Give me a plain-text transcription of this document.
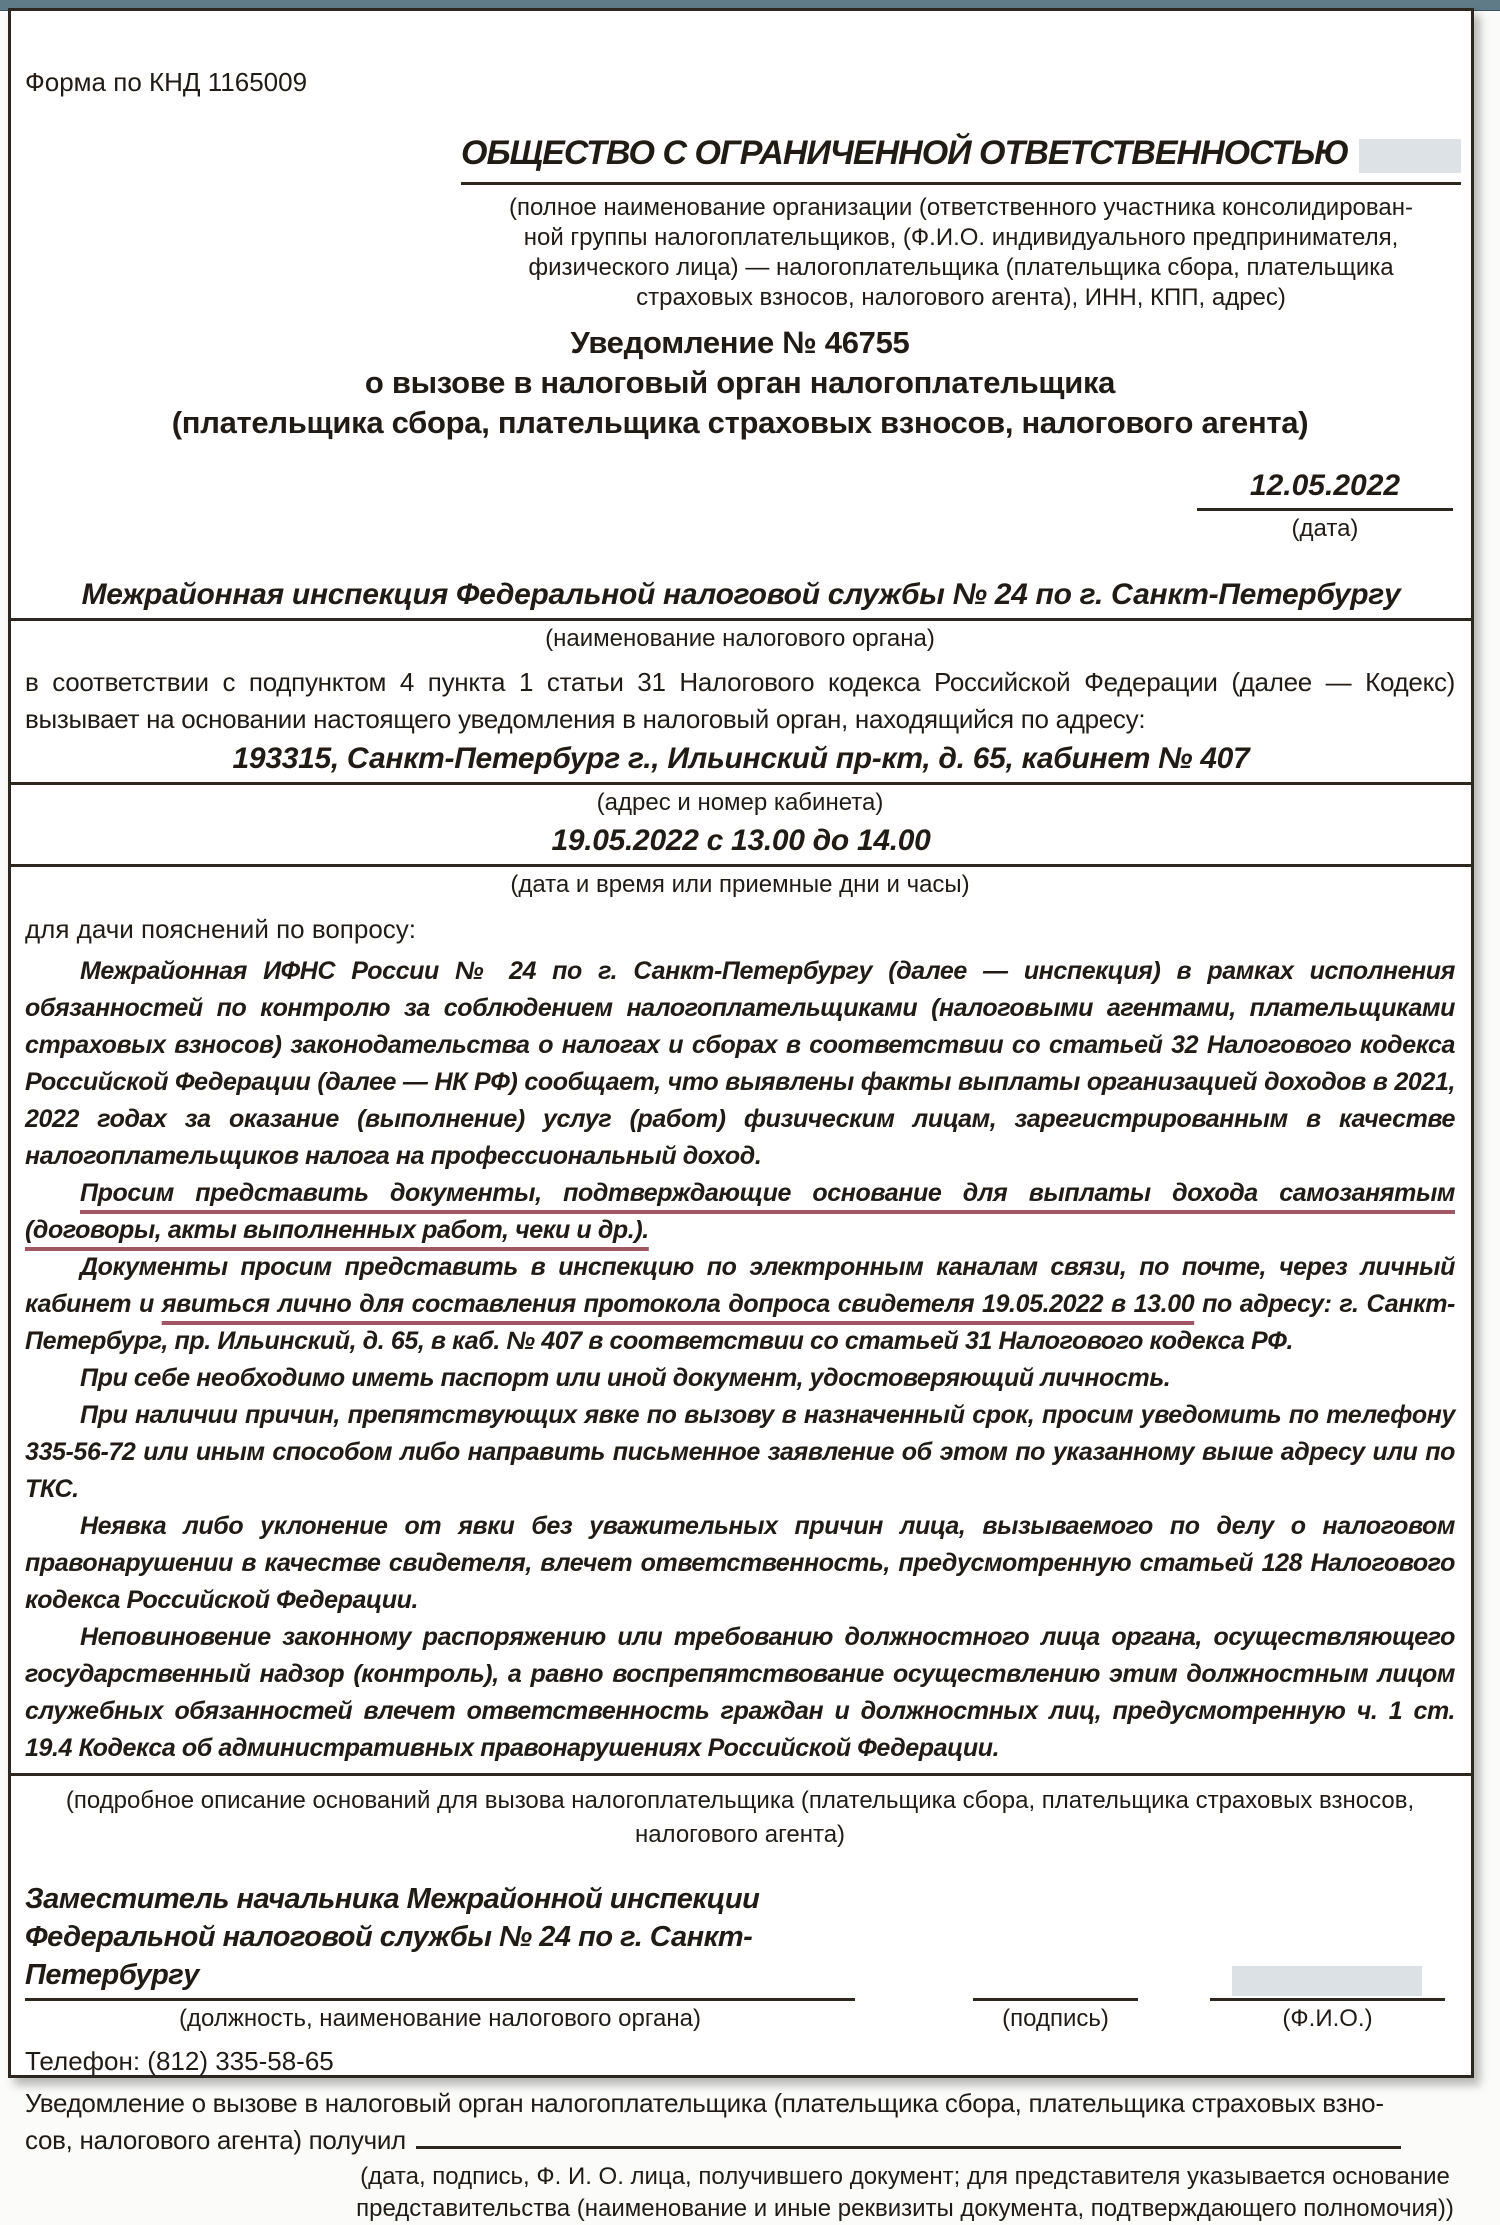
Форма по КНД 1165009
ОБЩЕСТВО С ОГРАНИЧЕННОЙ ОТВЕТСТВЕННОСТЬЮ
(полное наименование организации (ответственного участника консолидирован-
ной группы налогоплательщиков, (Ф.И.О. индивидуального предпринимателя,
физического лица) — налогоплательщика (плательщика сбора, плательщика
страховых взносов, налогового агента), ИНН, КПП, адрес)
Уведомление № 46755
о вызове в налоговый орган налогоплательщика
(плательщика сбора, плательщика страховых взносов, налогового агента)
12.05.2022
(дата)
Межрайонная инспекция Федеральной налоговой службы № 24 по г. Санкт-Петербургу
(наименование налогового органа)
в соответствии с подпунктом 4 пункта 1 статьи 31 Налогового кодекса Российской Федерации (далее — Кодекс) вызывает на основании настоящего уведомления в налоговый орган, находящийся по адресу:
193315, Санкт-Петербург г., Ильинский пр-кт, д. 65, кабинет № 407
(адрес и номер кабинета)
19.05.2022 с 13.00 до 14.00
(дата и время или приемные дни и часы)
для дачи пояснений по вопросу:

Межрайонная ИФНС России № 24 по г. Санкт-Петербургу (далее — инспекция) в рамках исполнения обязанностей по контролю за соблюдением налогоплательщиками (налоговыми агентами, плательщиками страховых взносов) законодательства о налогах и сборах в соответствии со статьей 32 Налогового кодекса Российской Федерации (далее — НК РФ) сообщает, что выявлены факты выплаты организацией доходов в 2021, 2022 годах за оказание (выполнение) услуг (работ) физическим лицам, зарегистрированным в качестве налогоплательщиков налога на профессиональный доход.

Просим представить документы, подтверждающие основание для выплаты дохода самозанятым (договоры, акты выполненных работ, чеки и др.).

Документы просим представить в инспекцию по электронным каналам связи, по почте, через личный кабинет и явиться лично для составления протокола допроса свидетеля 19.05.2022 в 13.00 по адресу: г. Санкт-Петербург, пр. Ильинский, д. 65, в каб. № 407 в соответствии со статьей 31 Налогового кодекса РФ.

При себе необходимо иметь паспорт или иной документ, удостоверяющий личность.

При наличии причин, препятствующих явке по вызову в назначенный срок, просим уведомить по телефону 335-56-72 или иным способом либо направить письменное заявление об этом по указанному выше адресу или по ТКС.

Неявка либо уклонение от явки без уважительных причин лица, вызываемого по делу о налоговом правонарушении в качестве свидетеля, влечет ответственность, предусмотренную статьей 128 Налогового кодекса Российской Федерации.

Неповиновение законному распоряжению или требованию должностного лица органа, осуществляющего государственный надзор (контроль), а равно воспрепятствование осуществлению этим должностным лицом служебных обязанностей влечет ответственность граждан и должностных лиц, предусмотренную ч. 1 ст. 19.4 Кодекса об административных правонарушениях Российской Федерации.

(подробное описание оснований для вызова налогоплательщика (плательщика сбора, плательщика страховых взносов,
налогового агента)
Заместитель начальника Межрайонной инспекции
Федеральной налоговой службы № 24 по г. Санкт-Петербургу
(должность, наименование налогового органа)	(подпись)	(Ф.И.О.)
Телефон: (812) 335-58-65
Уведомление о вызове в налоговый орган налогоплательщика (плательщика сбора, плательщика страховых взно-
сов, налогового агента) получил
(дата, подпись, Ф. И. О. лица, получившего документ; для представителя указывается основание
представительства (наименование и иные реквизиты документа, подтверждающего полномочия))
